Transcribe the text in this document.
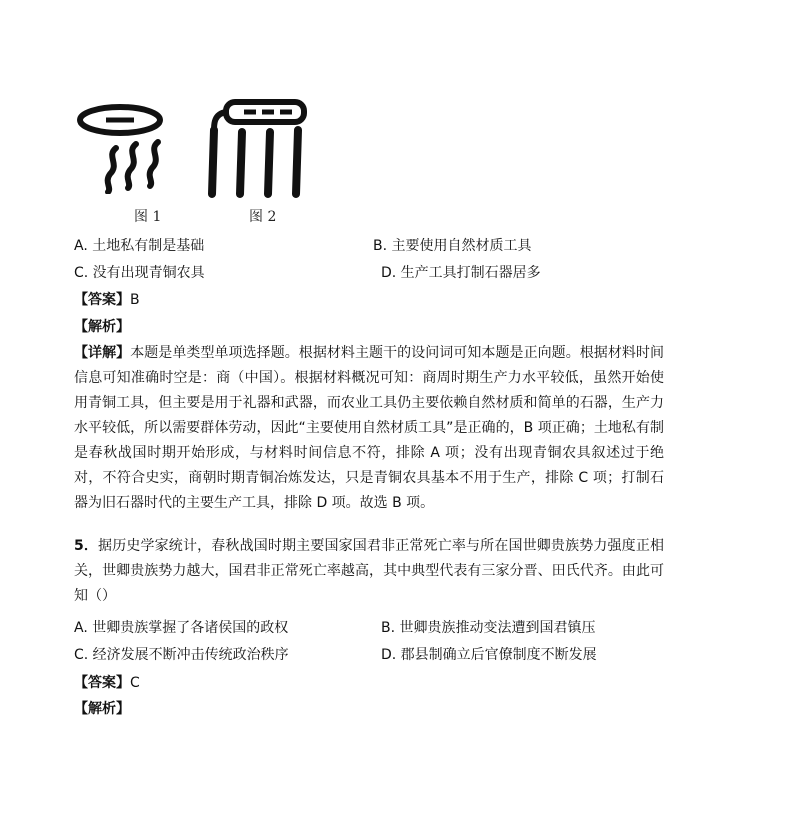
图 1	图 2
A. 土地私有制是基础	B. 主要使用自然材质工具
C. 没有出现青铜农具	D. 生产工具打制石器居多
【答案】B
【解析】

【详解】本题是单类型单项选择题。根据材料主题干的设问词可知本题是正向题。根据材料时间信息可知准确时空是：商（中国）。根据材料概况可知：商周时期生产力水平较低，虽然开始使用青铜工具，但主要是用于礼器和武器，而农业工具仍主要依赖自然材质和简单的石器，生产力水平较低，所以需要群体劳动，因此“主要使用自然材质工具”是正确的，B 项正确；土地私有制是春秋战国时期开始形成，与材料时间信息不符，排除 A 项；没有出现青铜农具叙述过于绝对，不符合史实，商朝时期青铜冶炼发达，只是青铜农具基本不用于生产，排除 C 项；打制石器为旧石器时代的主要生产工具，排除 D 项。故选 B 项。

5．据历史学家统计，春秋战国时期主要国家国君非正常死亡率与所在国世卿贵族势力强度正相关，世卿贵族势力越大，国君非正常死亡率越高，其中典型代表有三家分晋、田氏代齐。由此可知（）

A. 世卿贵族掌握了各诸侯国的政权	B. 世卿贵族推动变法遭到国君镇压
C. 经济发展不断冲击传统政治秩序	D. 郡县制确立后官僚制度不断发展
【答案】C
【解析】
